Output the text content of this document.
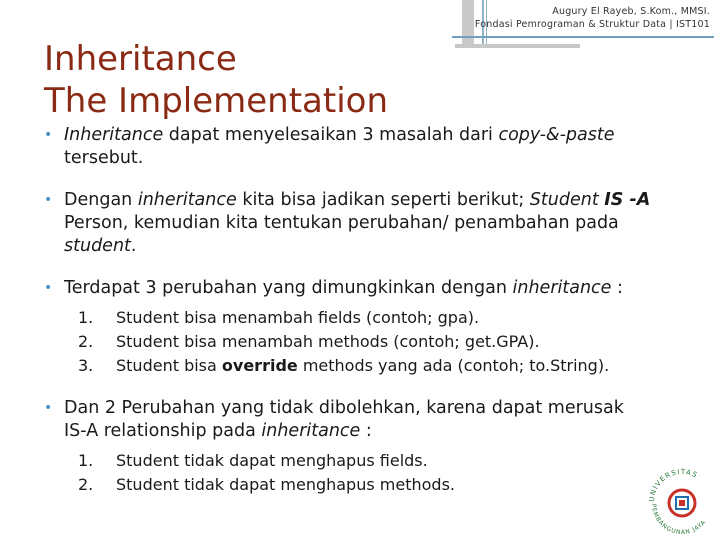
Augury El Rayeb, S.Kom., MMSI.
Fondasi Pemrograman & Struktur Data | IST101
Inheritance
The Implementation
• Inheritance dapat menyelesaikan 3 masalah dari copy-&-paste tersebut.
• Dengan inheritance kita bisa jadikan seperti berikut; Student IS -A Person, kemudian kita tentukan perubahan/ penambahan pada student.
• Terdapat 3 perubahan yang dimungkinkan dengan inheritance :
1.	Student bisa menambah fields (contoh; gpa).
2.	Student bisa menambah methods (contoh; get.GPA).
3.	Student bisa override methods yang ada (contoh; to.String).
• Dan 2 Perubahan yang tidak dibolehkan, karena dapat merusak IS-A relationship pada inheritance :
1.	Student tidak dapat menghapus fields.
2.	Student tidak dapat menghapus methods.
UNIVERSITAS
PEMBANGUNAN JAYA
